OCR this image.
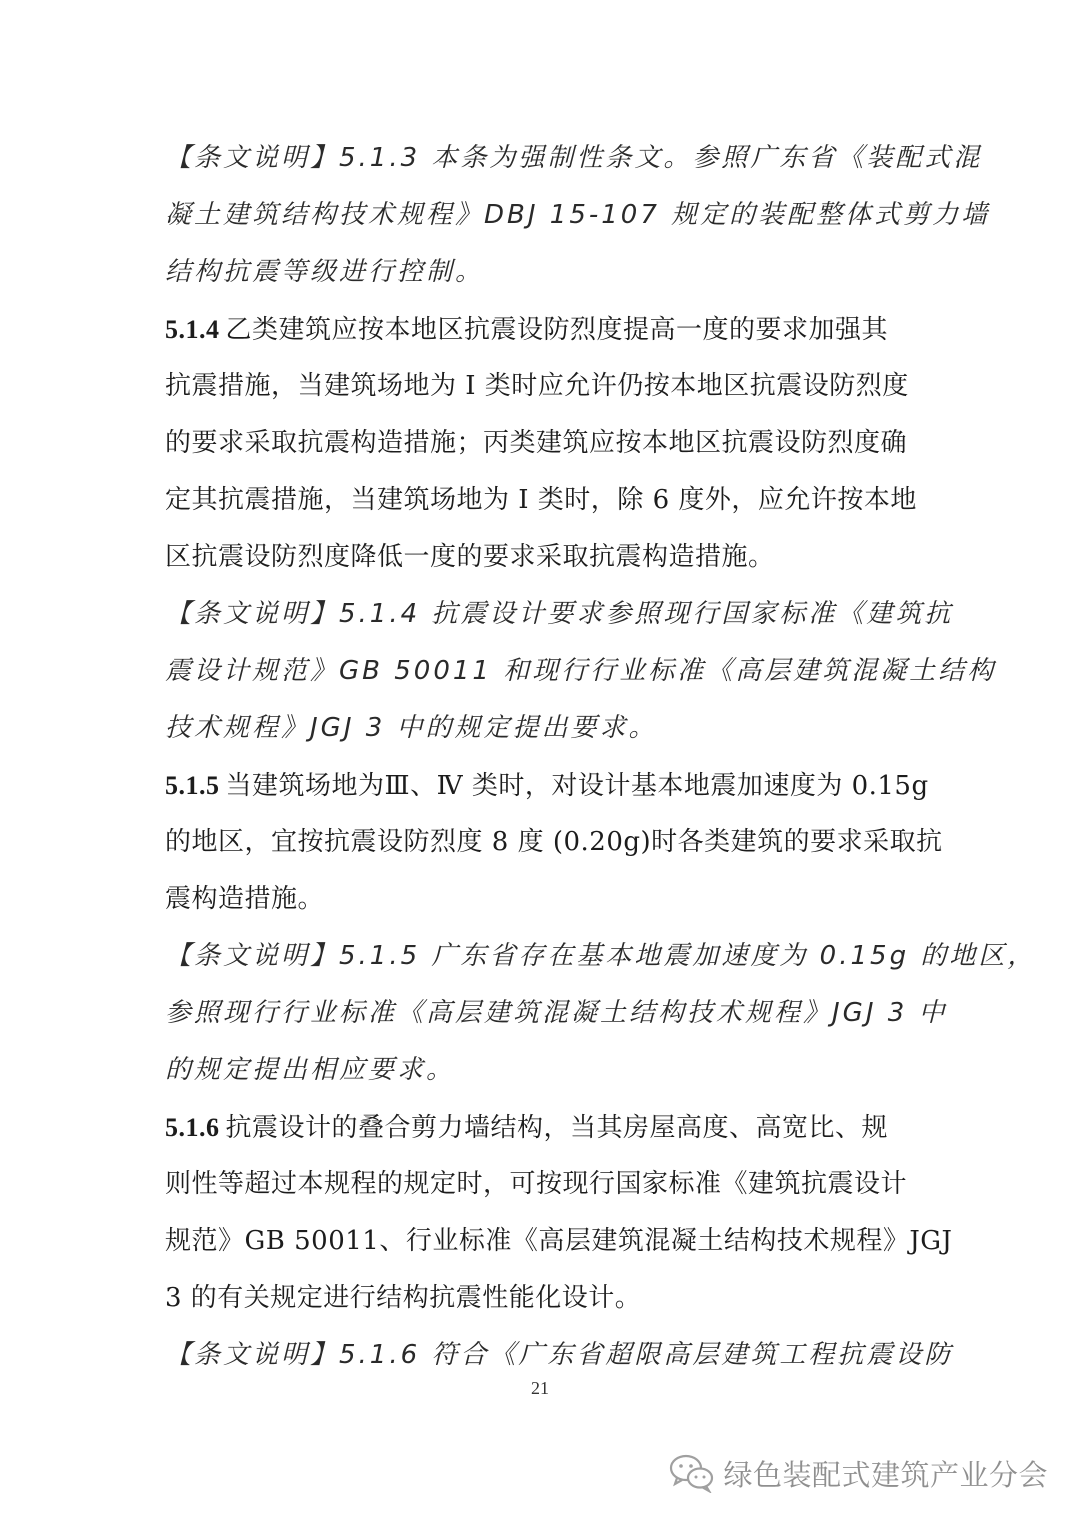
【条文说明】5.1.3 本条为强制性条文。参照广东省《装配式混
凝土建筑结构技术规程》DBJ 15-107 规定的装配整体式剪力墙
结构抗震等级进行控制。
5.1.4 乙类建筑应按本地区抗震设防烈度提高一度的要求加强其
抗震措施，当建筑场地为 I 类时应允许仍按本地区抗震设防烈度
的要求采取抗震构造措施；丙类建筑应按本地区抗震设防烈度确
定其抗震措施，当建筑场地为 I 类时，除 6 度外，应允许按本地
区抗震设防烈度降低一度的要求采取抗震构造措施。
【条文说明】5.1.4 抗震设计要求参照现行国家标准《建筑抗
震设计规范》GB 50011 和现行行业标准《高层建筑混凝土结构
技术规程》JGJ 3 中的规定提出要求。
5.1.5 当建筑场地为Ⅲ、Ⅳ 类时，对设计基本地震加速度为 0.15g
的地区，宜按抗震设防烈度 8 度 (0.20g)时各类建筑的要求采取抗
震构造措施。
【条文说明】5.1.5 广东省存在基本地震加速度为 0.15g 的地区，
参照现行行业标准《高层建筑混凝土结构技术规程》JGJ 3 中
的规定提出相应要求。
5.1.6 抗震设计的叠合剪力墙结构，当其房屋高度、高宽比、规
则性等超过本规程的规定时，可按现行国家标准《建筑抗震设计
规范》GB 50011、行业标准《高层建筑混凝土结构技术规程》JGJ
3 的有关规定进行结构抗震性能化设计。
【条文说明】5.1.6 符合《广东省超限高层建筑工程抗震设防
21
绿色装配式建筑产业分会
